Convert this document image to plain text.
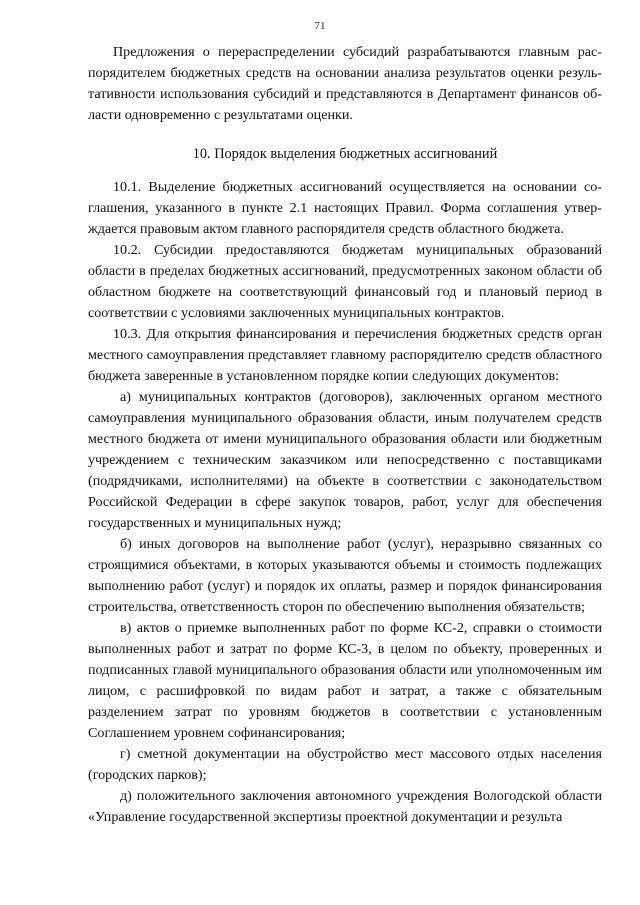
71

Предложения о перераспределении субсидий разрабатываются главным распорядителем бюджетных средств на основании анализа результатов оценки результативности использования субсидий и представляются в Департамент финансов области одновременно с результатами оценки.

10. Порядок выделения бюджетных ассигнований

10.1. Выделение бюджетных ассигнований осуществляется на основании соглашения, указанного в пункте 2.1 настоящих Правил. Форма соглашения утверждается правовым актом главного распорядителя средств областного бюджета.

10.2. Субсидии предоставляются бюджетам муниципальных образований области в пределах бюджетных ассигнований, предусмотренных законом области об областном бюджете на соответствующий финансовый год и плановый период в соответствии с условиями заключенных муниципальных контрактов.

10.3. Для открытия финансирования и перечисления бюджетных средств орган местного самоуправления представляет главному распорядителю средств областного бюджета заверенные в установленном порядке копии следующих документов:

а) муниципальных контрактов (договоров), заключенных органом местного самоуправления муниципального образования области, иным получателем средств местного бюджета от имени муниципального образования области или бюджетным учреждением с техническим заказчиком или непосредственно с поставщиками (подрядчиками, исполнителями) на объекте в соответствии с законодательством Российской Федерации в сфере закупок товаров, работ, услуг для обеспечения государственных и муниципальных нужд;

б) иных договоров на выполнение работ (услуг), неразрывно связанных со строящимися объектами, в которых указываются объемы и стоимость подлежащих выполнению работ (услуг) и порядок их оплаты, размер и порядок финансирования строительства, ответственность сторон по обеспечению выполнения обязательств;

в) актов о приемке выполненных работ по форме КС-2, справки о стоимости выполненных работ и затрат по форме КС-3, в целом по объекту, проверенных и подписанных главой муниципального образования области или уполномоченным им лицом, с расшифровкой по видам работ и затрат, а также с обязательным разделением затрат по уровням бюджетов в соответствии с установленным Соглашением уровнем софинансирования;

г) сметной документации на обустройство мест массового отдых населения (городских парков);

д) положительного заключения автономного учреждения Вологодской области «Управление государственной экспертизы проектной документации и результа
